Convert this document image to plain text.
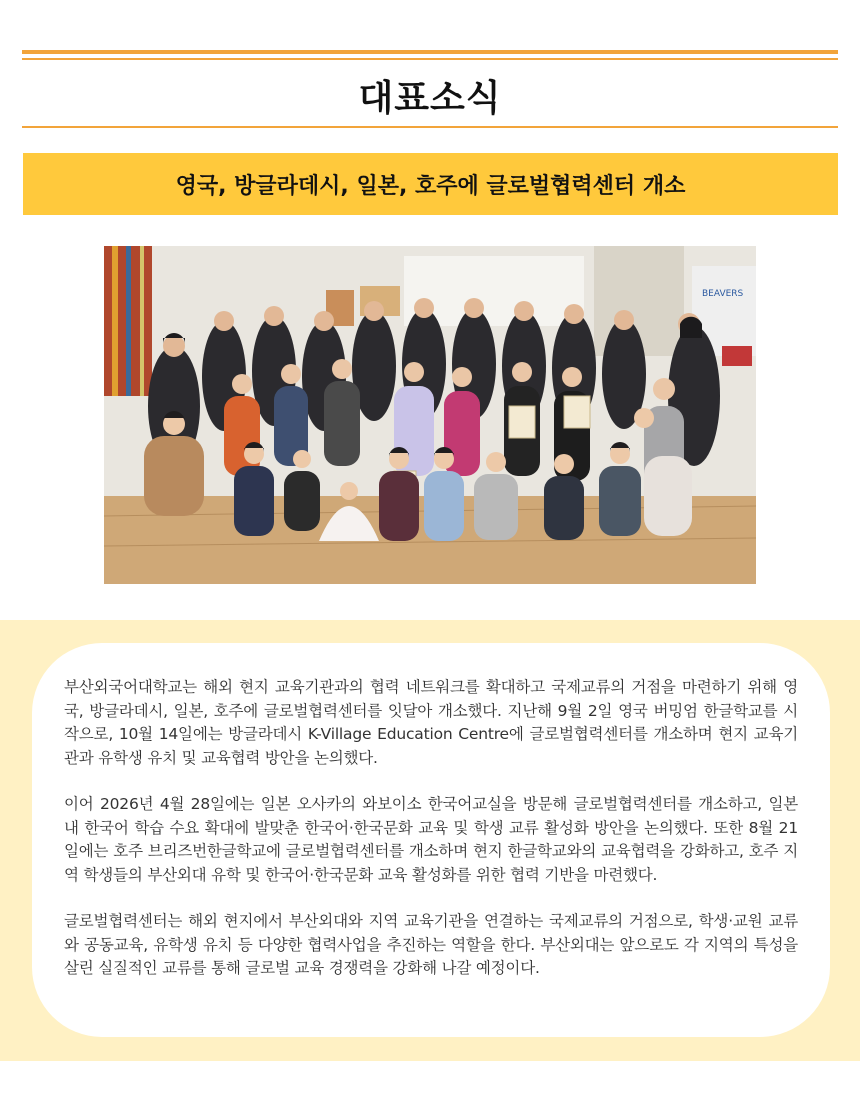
대표소식
영국, 방글라데시, 일본, 호주에 글로벌협력센터 개소
BEAVERS

부산외국어대학교는 해외 현지 교육기관과의 협력 네트워크를 확대하고 국제교류의 거점을 마련하기 위해 영국, 방글라데시, 일본, 호주에 글로벌협력센터를 잇달아 개소했다. 지난해 9월 2일 영국 버밍엄 한글학교를 시작으로, 10월 14일에는 방글라데시 K-Village Education Centre에 글로벌협력센터를 개소하며 현지 교육기관과 유학생 유치 및 교육협력 방안을 논의했다.

이어 2026년 4월 28일에는 일본 오사카의 와보이소 한국어교실을 방문해 글로벌협력센터를 개소하고, 일본 내 한국어 학습 수요 확대에 발맞춘 한국어·한국문화 교육 및 학생 교류 활성화 방안을 논의했다. 또한 8월 21일에는 호주 브리즈번한글학교에 글로벌협력센터를 개소하며 현지 한글학교와의 교육협력을 강화하고, 호주 지역 학생들의 부산외대 유학 및 한국어·한국문화 교육 활성화를 위한 협력 기반을 마련했다.

글로벌협력센터는 해외 현지에서 부산외대와 지역 교육기관을 연결하는 국제교류의 거점으로, 학생·교원 교류와 공동교육, 유학생 유치 등 다양한 협력사업을 추진하는 역할을 한다. 부산외대는 앞으로도 각 지역의 특성을 살린 실질적인 교류를 통해 글로벌 교육 경쟁력을 강화해 나갈 예정이다.
